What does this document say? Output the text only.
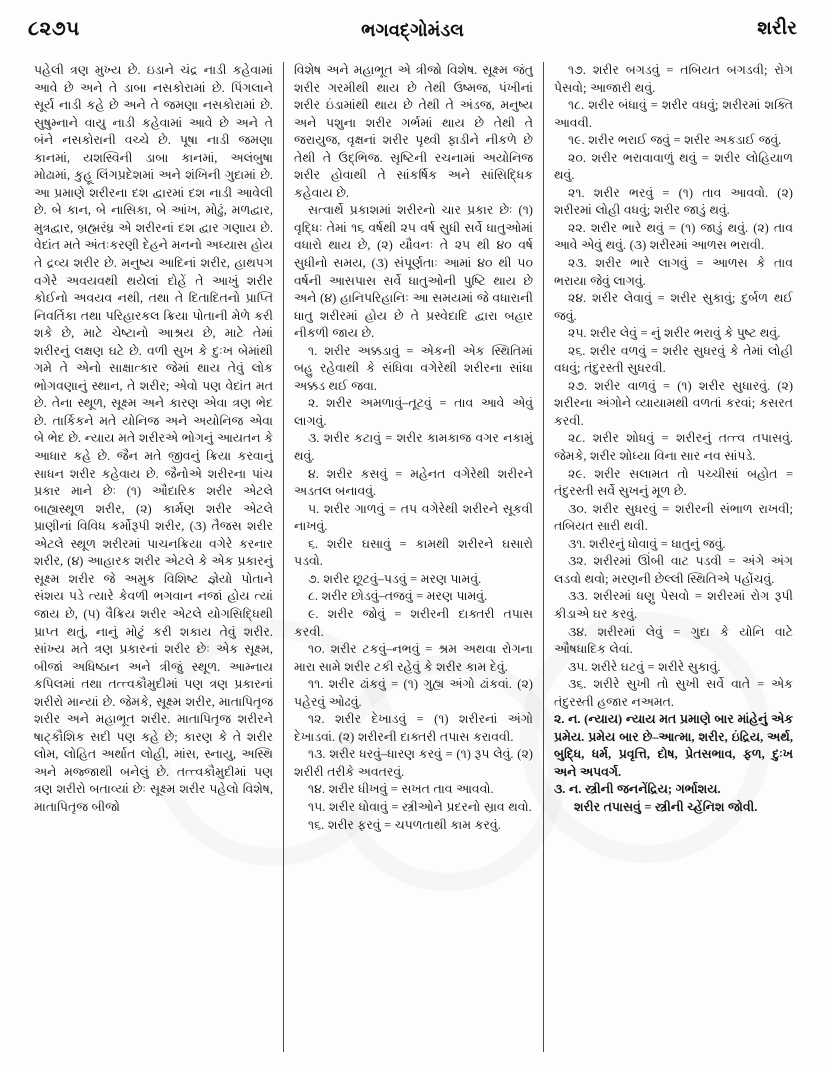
૮૨૭૫	ભગવદ્ગોમંડલ	શરીર

પહેલી ત્રણ મુખ્ય છે. ઇડાને ચંદ્ર નાડી કહેવામાં આવે છે અને તે ડાબા નસકોરામાં છે. પિંગલાને સૂર્ય નાડી કહે છે અને તે જમણા નસકોરામાં છે. સુષુમ્નાને વાયુ નાડી કહેવામાં આવે છે અને તે બંને નસકોરાની વચ્ચે છે. પૂષા નાડી જમણા કાનમાં, યશસ્વિની ડાબા કાનમાં, અલંબુષા મોઢામાં, કુહૂ લિંગપ્રદેશમાં અને શંખિની ગુદામાં છે. આ પ્રમાણે શરીરના દશ દ્વારમાં દશ નાડી આવેલી છે. બે કાન, બે નાસિકા, બે આંખ, મોઢું, મળદ્વાર, મુત્રદ્વાર, બ્રહ્મરંધ્ર એ શરીરનાં દશ દ્વાર ગણાય છે. વેદાંત મતે અંતઃકરણી દેહને મનનો અધ્યાસ હોય તે દ્રવ્ય શરીર છે. મનુષ્ય આદિનાં શરીર, હાથપગ વગેરે અવયવથી થયેલાં દોહેં તે આખું શરીર કોઈનો અવયવ નથી, તથા તે દિતાદિતનો પ્રાપ્તિ નિવર્તિકા તથા પરિહારકલ ક્રિયા પોતાની મેળે કરી શકે છે, માટે ચેષ્ટાનો આશ્રય છે, માટે તેમાં શરીરનું લક્ષણ ઘટે છે. વળી સુખ કે દુઃખ બેમાંથી ગમે તે એનો સાક્ષાત્કાર જેમાં થાય તેવું લોક ભોગવણાનું સ્થાન, તે શરીર; એવો પણ વેદાંત મત છે. તેના સ્થૂળ, સૂક્ષ્મ અને કારણ એવા ત્રણ ભેદ છે. તાર્કિકને મતે યોનિજ અને અયોનિજ એવા બે ભેદ છે. ન્યાય મતે શરીરએ ભોગનું આયતન કે આધાર કહે છે. જૈન મતે જીવનું ક્રિયા કરવાનું સાધન શરીર કહેવાય છે. જૈનોએ શરીરના પાંચ પ્રકાર માને છેઃ (૧) ઔદારિક શરીર એટલે બાહ્યસ્થૂળ શરીર, (૨) કાર્મણ શરીર એટલે પ્રાણીનાં વિવિધ કર્મોરૂપી શરીર, (૩) તૈજસ શરીર એટલે સ્થૂળ શરીરમાં પાચનક્રિયા વગેરે કરનાર શરીર, (૪) આહારક શરીર એટલે કે એક પ્રકારનું સૂક્ષ્મ શરીર જે અમુક વિશિષ્ટ જ્ઞેયો પોતાને સંશય પડે ત્યારે કેવળી ભગવાન નજાં હોય ત્યાં જાય છે, (૫) વૈક્રિય શરીર એટલે યોગસિદ્ધિથી પ્રાપ્ત થતું, નાનું મોટું કરી શકાય તેવું શરીર. સાંખ્ય મતે ત્રણ પ્રકારનાં શરીર છેઃ એક સૂક્ષ્મ, બીજાં અધિષ્ઠાન અને ત્રીજું સ્થૂળ. આમ્નાય કપિલમાં તથા તત્ત્વકૌમુદીમાં પણ ત્રણ પ્રકારનાં શરીરો માન્યાં છે. જેમકે, સૂક્ષ્મ શરીર, માતાપિતૃજ શરીર અને મહાભૂત શરીર. માતાપિતૃજ શરીરને ષાટ્કૌશિક સદી પણ કહે છે; કારણ કે તે શરીર લોમ, લોહિત અર્થાત લોહી, માંસ, સ્નાયુ, અસ્થિ અને મજ્જાથી બનેલું છે. તત્ત્વકૌમુદીમાં પણ ત્રણ શરીરો બતાવ્યાં છેઃ સૂક્ષ્મ શરીર પહેલો વિશેષ, માતાપિતૃજ બીજો

વિશેષ અને મહાભૂત એ ત્રીજો વિશેષ. સૂક્ષ્મ જંતુ શરીર ગરમીથી થાય છે તેથી ઉષ્મજ, પંખીનાં શરીર ઇંડામાંથી થાય છે તેથી તે અંડજ, મનુષ્ય અને પશુના શરીર ગર્ભમાં થાય છે તેથી તે જરાયુજ, વૃક્ષનાં શરીર પૃથ્વી ફાડીને નીકળે છે તેથી તે ઉદ્‌ભિજ. સૃષ્ટિની રચનામાં અયોનિજ શરીર હોવાથી તે સાંકર્ષિક અને સાંસિદ્ધિક કહેવાય છે.

સત્વાર્થે પ્રકાશમાં શરીરનો ચાર પ્રકાર છેઃ (૧) વૃદ્ધિઃ તેમાં ૧૬ વર્ષથી ૨૫ વર્ષ સુધી સર્વે ધાતુઓમાં વધારો થાય છે, (૨) યૌવનઃ તે ૨૫ થી ૪૦ વર્ષ સુધીનો સમય, (૩) સંપૂર્ણતાઃ આમાં ૪૦ થી ૫૦ વર્ષની આસપાસ સર્વે ધાતુઓની પુષ્ટિ થાય છે અને (૪) હાનિપરિહાનિઃ આ સમયમાં જે વધારાની ધાતુ શરીરમાં હોય છે તે પ્રસ્વેદાદિ દ્વારા બહાર નીકળી જાય છે.

૧. શરીર અક્કડાવું = એકની એક સ્થિતિમાં બહુ રહેવાથી કે સંધિવા વગેરેથી શરીરના સાંધા અક્કડ થઈ જવા.

૨. શરીર અમળાવું–તૂટવું = તાવ આવે એવું લાગવું.

૩. શરીર કટાવું = શરીર કામકાજ વગર નકામું થવું.

૪. શરીર કસવું = મહેનત વગેરેથી શરીરને અડતલ બનાવવું.

૫. શરીર ગાળવું = તપ વગેરેથી શરીરને સૂકવી નાખવું.

૬. શરીર ઘસાવું = કામથી શરીરને ઘસારો પડવો.

૭. શરીર છૂટવું–પડવું = મરણ પામવું.

૮. શરીર છોડવું–તજવું = મરણ પામવું.

૯. શરીર જોવું = શરીરની દાક્તરી તપાસ કરવી.

૧૦. શરીર ટકવું–નભવું = શ્રમ અથવા રોગના મારા સામે શરીર ટકી રહેવું કે શરીર કામ દેવું.

૧૧. શરીર ઢાંકવું = (૧) ગુહ્ય અંગો ઢાંકવાં. (૨) પહેરવું ઓઢવું.

૧૨. શરીર દેખાડવું = (૧) શરીરનાં અંગો દેખાડવાં. (૨) શરીરની દાક્તરી તપાસ કરાવવી.

૧૩. શરીર ધરવું–ધારણ કરવું = (૧) રૂપ લેવું. (૨) શરીરી તરીકે અવતરવું.

૧૪. શરીર ધીખવું = સખત તાવ આવવો.

૧૫. શરીર ધોવાવું = સ્ત્રીઓને પ્રદરનો સ્રાવ થવો.

૧૬. શરીર ફરવું = ચપળતાથી કામ કરવું.

૧૭. શરીર બગડવું = તબિયત બગડવી; રોગ પેસવો; આજારી થવું.

૧૮. શરીર બંધાવું = શરીર વધવું; શરીરમાં શક્તિ આવવી.

૧૯. શરીર ભરાઈ જવું = શરીર અકડાઈ જવું.

૨૦. શરીર ભરાવાવાળું થવું = શરીર લોહિયાળ થવું.

૨૧. શરીર ભરવું = (૧) તાવ આવવો. (૨) શરીરમાં લોહી વધવું; શરીર જાડું થવું.

૨૨. શરીર ભારે થવું = (૧) જાડું થવું. (૨) તાવ આવે એવું થવું. (૩) શરીરમાં આળસ ભરાવી.

૨૩. શરીર ભારે લાગવું = આળસ કે તાવ ભરાયા જેવું લાગવું.

૨૪. શરીર લેવાવું = શરીર સુકાવું; દુર્બળ થઈ જવું.

૨૫. શરીર લેવું = નું શરીર ભરાવું કે પુષ્ટ થવું.

૨૬. શરીર વળવું = શરીર સુધરવું કે તેમાં લોહી વધવું; તંદુરસ્તી સુધરવી.

૨૭. શરીર વાળવું = (૧) શરીર સુધારવું. (૨) શરીરના અંગોને વ્યાયામથી વળતાં કરવાં; કસરત કરવી.

૨૮. શરીર શોધવું = શરીરનું તત્ત્વ તપાસવું. જેમકે, શરીર શોધ્યા વિના સાર નવ સાંપડે.

૨૯. શરીર સલામત તો પચ્ચીસાં બહોત = તંદુરસ્તી સર્વે સુખનું મૂળ છે.

૩૦. શરીર સુધરવું = શરીરની સંભાળ રાખવી; તબિયત સારી થવી.

૩૧. શરીરનું ધોવાવું = ધાતુનું જવું.

૩૨. શરીરમાં ઊંબી વાટ પડવી = અંગે અંગ લડવો થવો; મરણની છેલ્લી સ્થિતિએ પહોંચવું.

૩૩. શરીરમાં ધણુ પેસવો = શરીરમાં રોગ રૂપી કીડાએ ઘર કરવું.

૩૪. શરીરમાં લેવું = ગુદા કે યોનિ વાટે ઔષધાદિક લેવાં.

૩૫. શરીરે ઘટવું = શરીરે સુકાવું.

૩૬. શરીરે સુખી તો સુખી સર્વે વાતે = એક તંદુરસ્તી હજાર નઅમત.

૨. ન. (ન્યાય) ન્યાય મત પ્રમાણે બાર માંહેનું એક પ્રમેય. પ્રમેય બાર છે–આત્મા, શરીર, ઇંદ્રિય, અર્થ, બુદ્ધિ, ધર્મ, પ્રવૃત્તિ, દોષ, પ્રેતસભાવ, ફળ, દુઃખ અને અપવર્ગ.

૩. ન. સ્ત્રીની જનનેંદ્રિય; ગર્ભાશય.

શરીર તપાસવું = સ્ત્રીની ચ્હેંનિશ જોવી.
